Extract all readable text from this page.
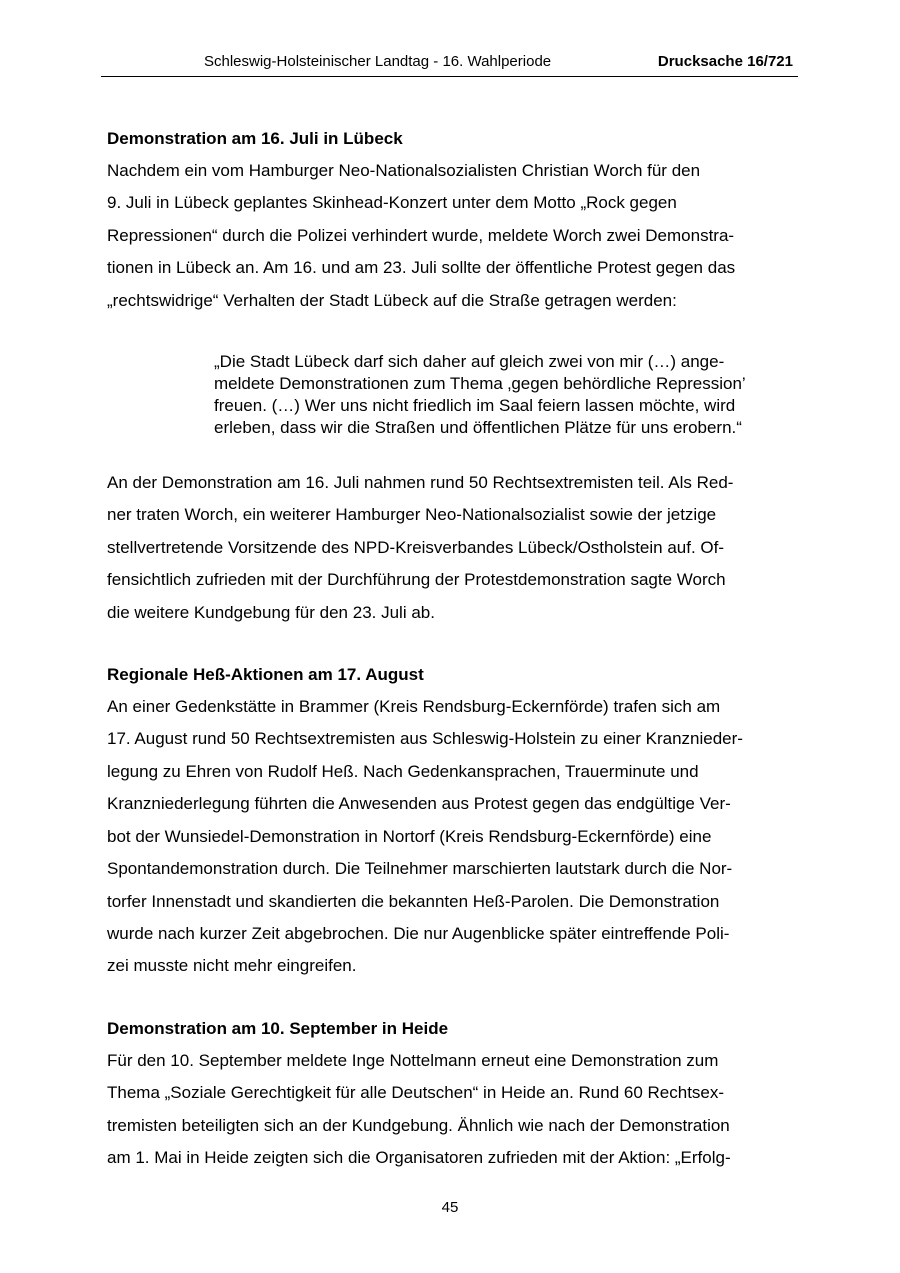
Schleswig-Holsteinischer Landtag - 16. Wahlperiode	Drucksache 16/721
Demonstration am 16. Juli in Lübeck
Nachdem ein vom Hamburger Neo-Nationalsozialisten Christian Worch für den
9. Juli in Lübeck geplantes Skinhead-Konzert unter dem Motto „Rock gegen
Repressionen“ durch die Polizei verhindert wurde, meldete Worch zwei Demonstra-
tionen in Lübeck an. Am 16. und am 23. Juli sollte der öffentliche Protest gegen das
„rechtswidrige“ Verhalten der Stadt Lübeck auf die Straße getragen werden:
„Die Stadt Lübeck darf sich daher auf gleich zwei von mir (…) ange-
meldete Demonstrationen zum Thema ‚gegen behördliche Repression’
freuen. (…) Wer uns nicht friedlich im Saal feiern lassen möchte, wird
erleben, dass wir die Straßen und öffentlichen Plätze für uns erobern.“
An der Demonstration am 16. Juli nahmen rund 50 Rechtsextremisten teil. Als Red-
ner traten Worch, ein weiterer Hamburger Neo-Nationalsozialist sowie der jetzige
stellvertretende Vorsitzende des NPD-Kreisverbandes Lübeck/Ostholstein auf. Of-
fensichtlich zufrieden mit der Durchführung der Protestdemonstration sagte Worch
die weitere Kundgebung für den 23. Juli ab.
Regionale Heß-Aktionen am 17. August
An einer Gedenkstätte in Brammer (Kreis Rendsburg-Eckernförde) trafen sich am
17. August rund 50 Rechtsextremisten aus Schleswig-Holstein zu einer Kranznieder-
legung zu Ehren von Rudolf Heß. Nach Gedenkansprachen, Trauerminute und
Kranzniederlegung führten die Anwesenden aus Protest gegen das endgültige Ver-
bot der Wunsiedel-Demonstration in Nortorf (Kreis Rendsburg-Eckernförde) eine
Spontandemonstration durch. Die Teilnehmer marschierten lautstark durch die Nor-
torfer Innenstadt und skandierten die bekannten Heß-Parolen. Die Demonstration
wurde nach kurzer Zeit abgebrochen. Die nur Augenblicke später eintreffende Poli-
zei musste nicht mehr eingreifen.
Demonstration am 10. September in Heide
Für den 10. September meldete Inge Nottelmann erneut eine Demonstration zum
Thema „Soziale Gerechtigkeit für alle Deutschen“ in Heide an. Rund 60 Rechtsex-
tremisten beteiligten sich an der Kundgebung. Ähnlich wie nach der Demonstration
am 1. Mai in Heide zeigten sich die Organisatoren zufrieden mit der Aktion: „Erfolg-
45
